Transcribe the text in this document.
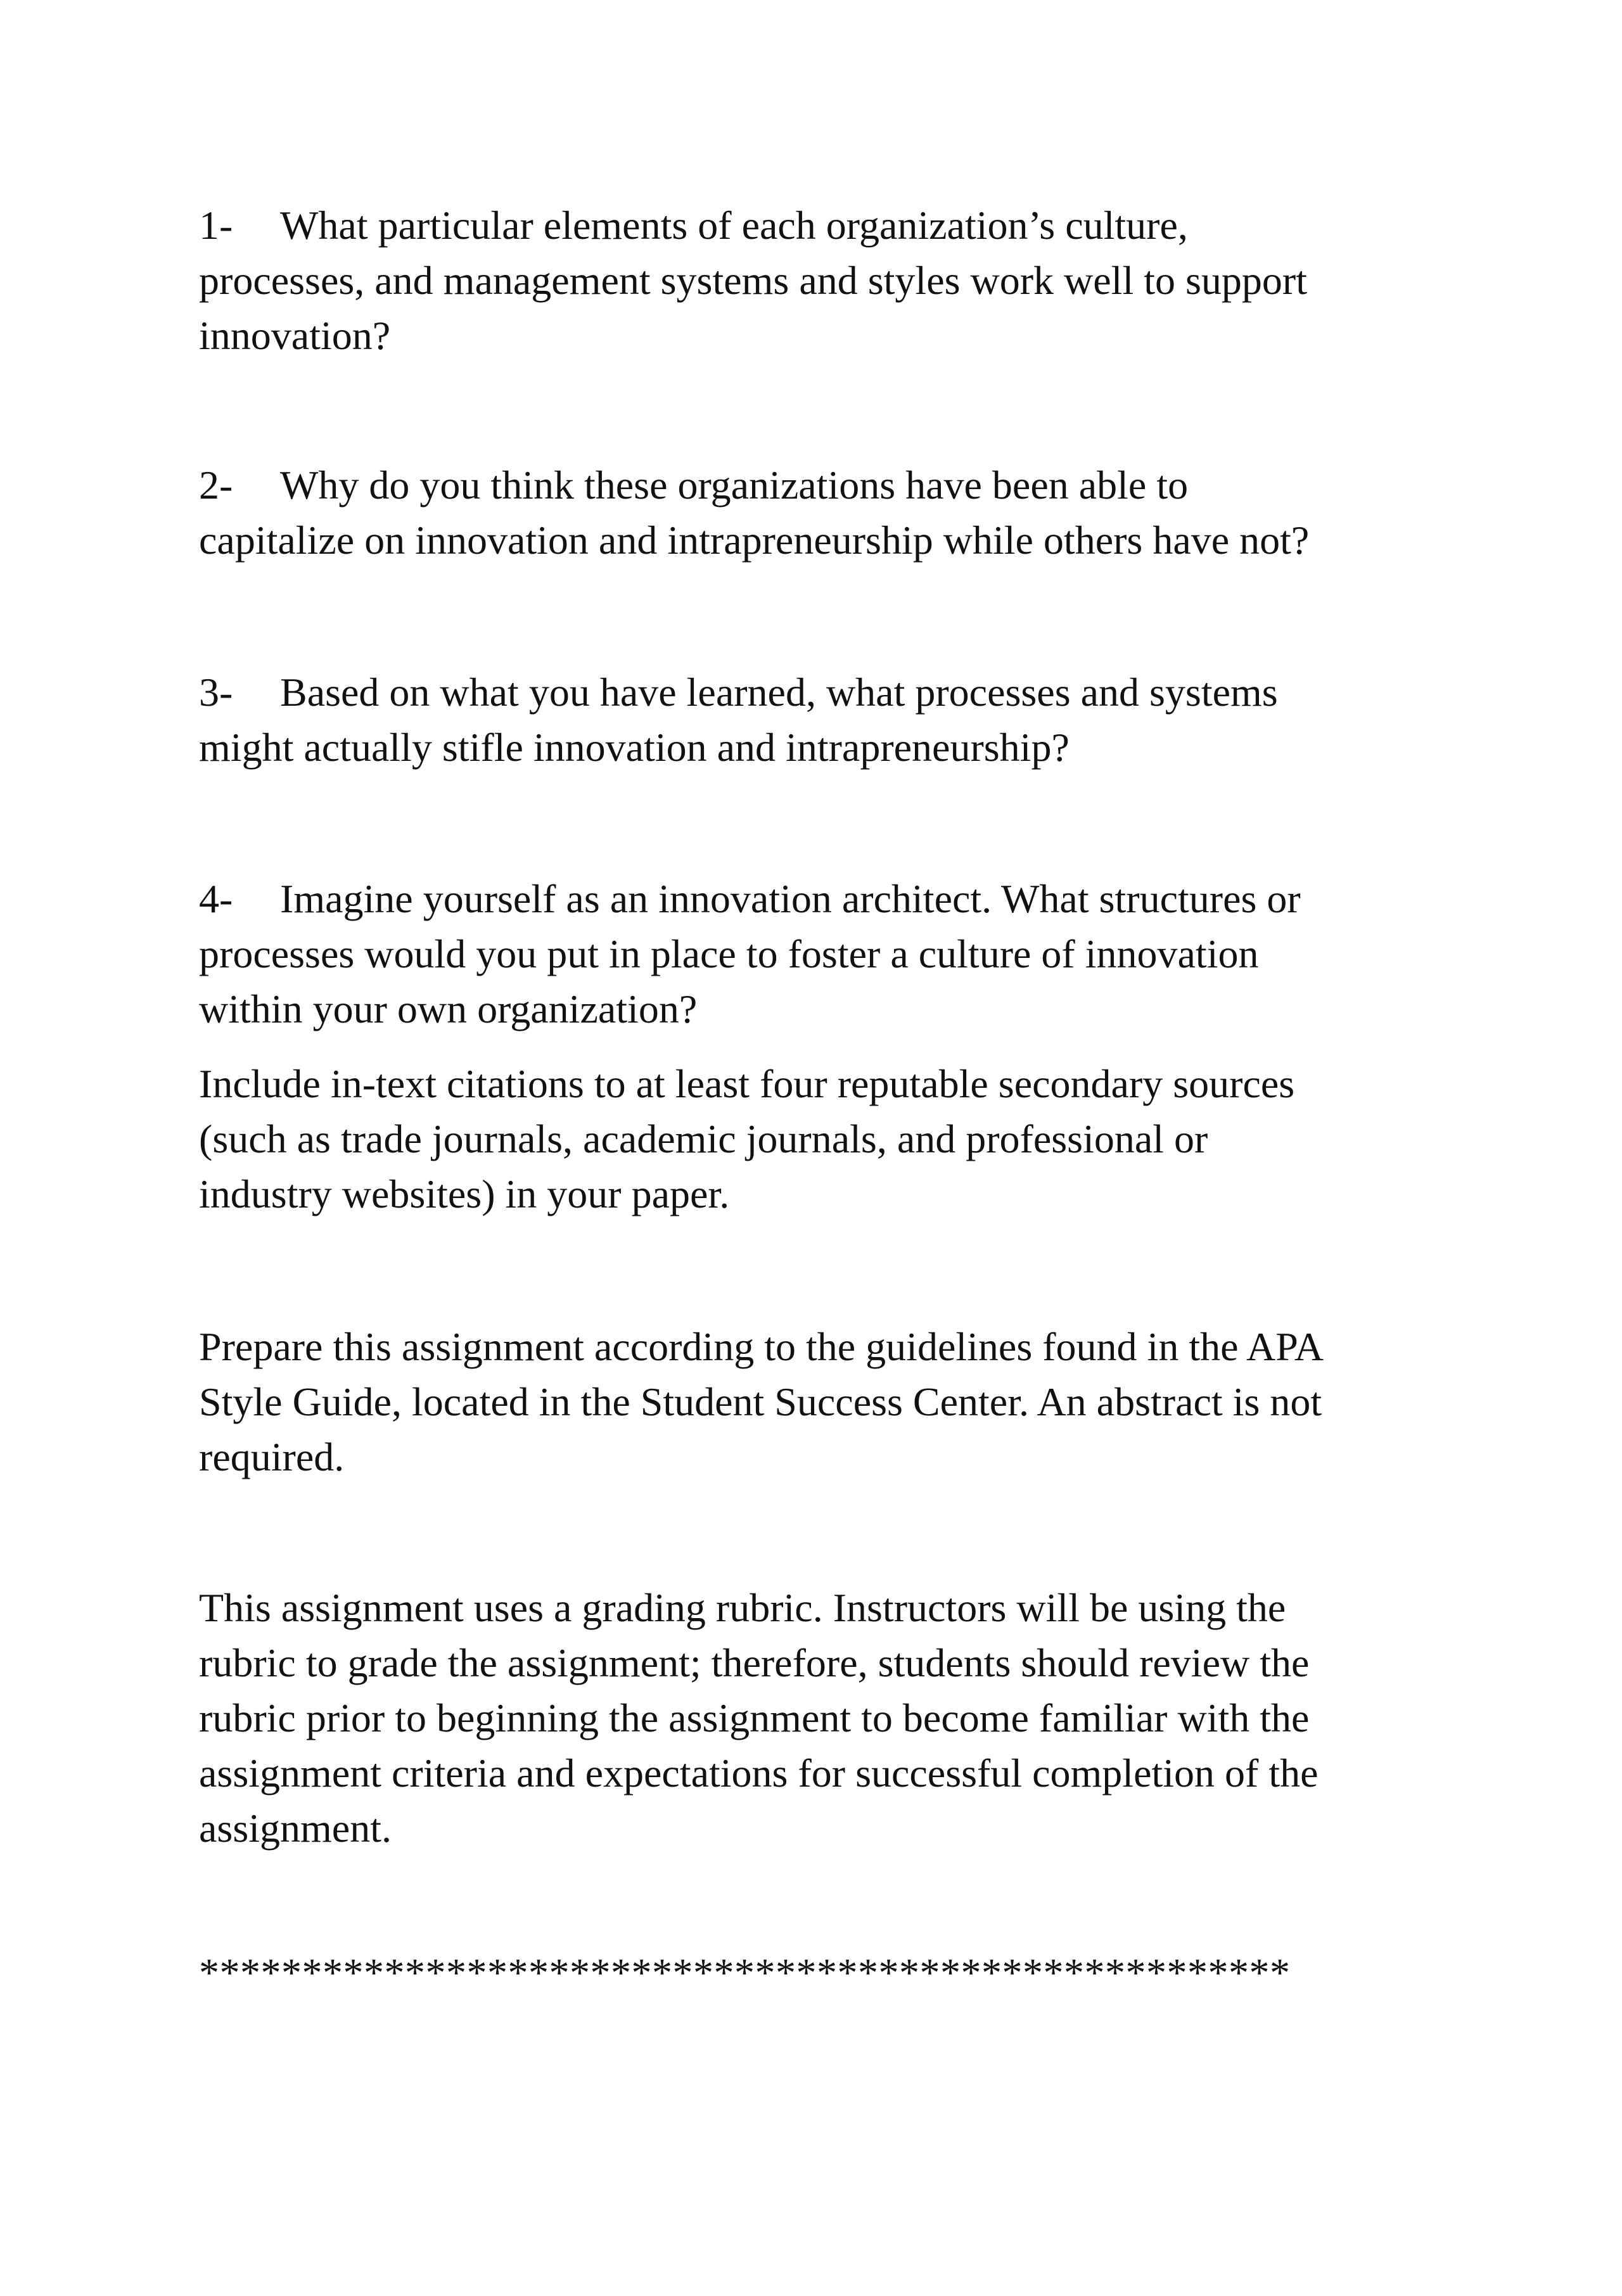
1- What particular elements of each organization’s culture,
processes, and management systems and styles work well to support
innovation?

2- Why do you think these organizations have been able to
capitalize on innovation and intrapreneurship while others have not?

3- Based on what you have learned, what processes and systems
might actually stifle innovation and intrapreneurship?

4- Imagine yourself as an innovation architect. What structures or
processes would you put in place to foster a culture of innovation
within your own organization?

Include in-text citations to at least four reputable secondary sources
(such as trade journals, academic journals, and professional or
industry websites) in your paper.

Prepare this assignment according to the guidelines found in the APA
Style Guide, located in the Student Success Center. An abstract is not
required.

This assignment uses a grading rubric. Instructors will be using the
rubric to grade the assignment; therefore, students should review the
rubric prior to beginning the assignment to become familiar with the
assignment criteria and expectations for successful completion of the
assignment.

*****************************************************
